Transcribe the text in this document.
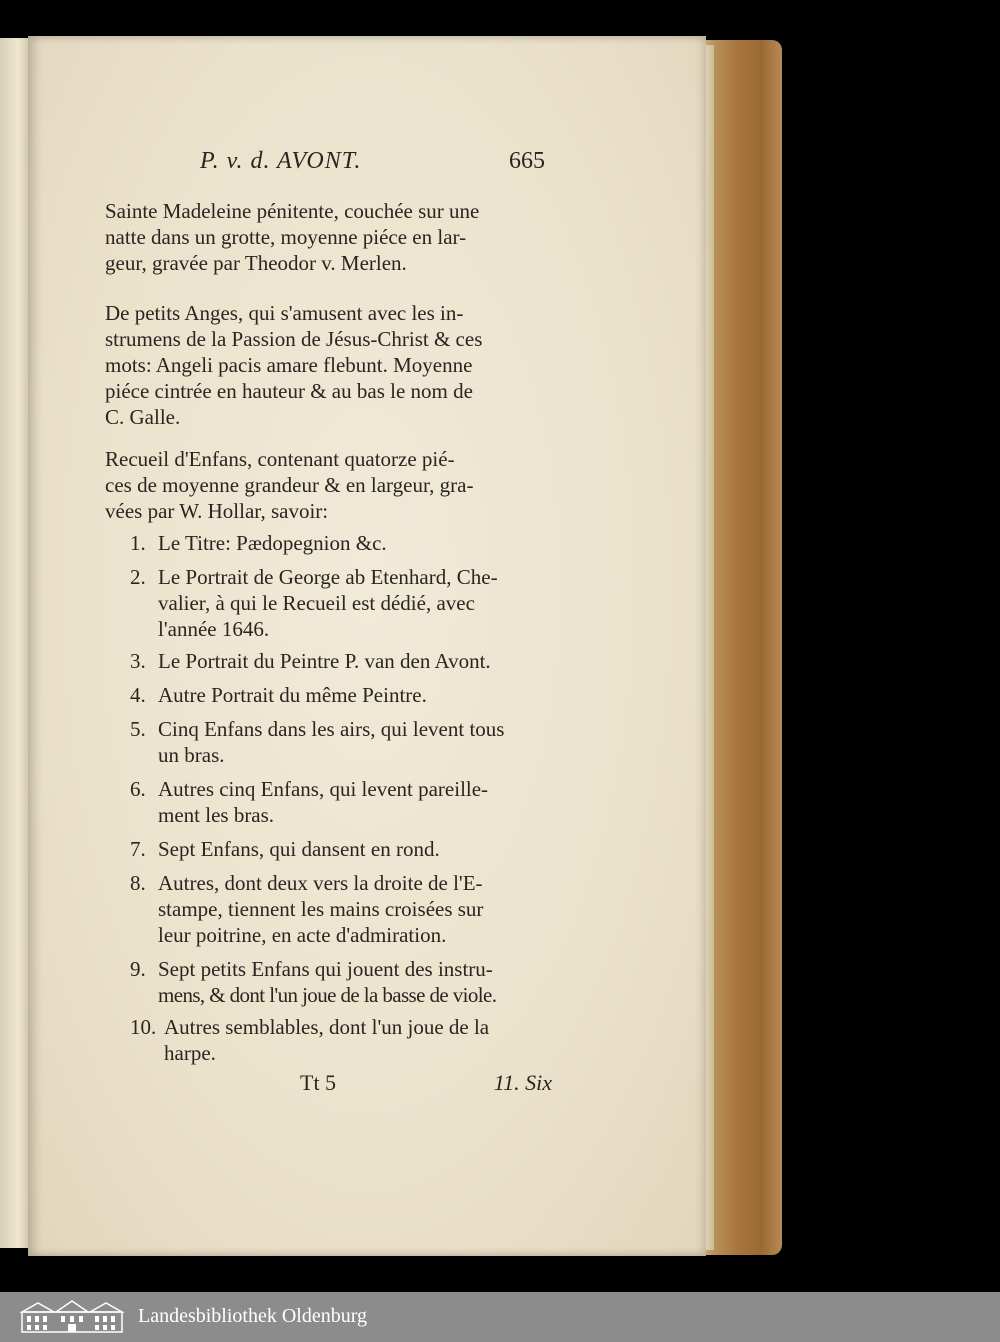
P. v. d. AVONT.	665
Sainte Madeleine pénitente, couchée sur une
natte dans un grotte, moyenne piéce en lar-
geur, gravée par Theodor v. Merlen.
De petits Anges, qui s'amusent avec les in-
strumens de la Passion de Jésus-Christ & ces
mots: Angeli pacis amare flebunt. Moyenne
piéce cintrée en hauteur & au bas le nom de
C. Galle.
Recueil d'Enfans, contenant quatorze pié-
ces de moyenne grandeur & en largeur, gra-
vées par W. Hollar, savoir:
1. Le Titre: Pædopegnion &c.
2. Le Portrait de George ab Etenhard, Che-
valier, à qui le Recueil est dédié, avec
l'année 1646.
3. Le Portrait du Peintre P. van den Avont.
4. Autre Portrait du même Peintre.
5. Cinq Enfans dans les airs, qui levent tous
un bras.
6. Autres cinq Enfans, qui levent pareille-
ment les bras.
7. Sept Enfans, qui dansent en rond.
8. Autres, dont deux vers la droite de l'E-
stampe, tiennent les mains croisées sur
leur poitrine, en acte d'admiration.
9. Sept petits Enfans qui jouent des instru-
mens, & dont l'un joue de la basse de viole.
10. Autres semblables, dont l'un joue de la
harpe.
Tt 5	11. Six
Landesbibliothek Oldenburg
